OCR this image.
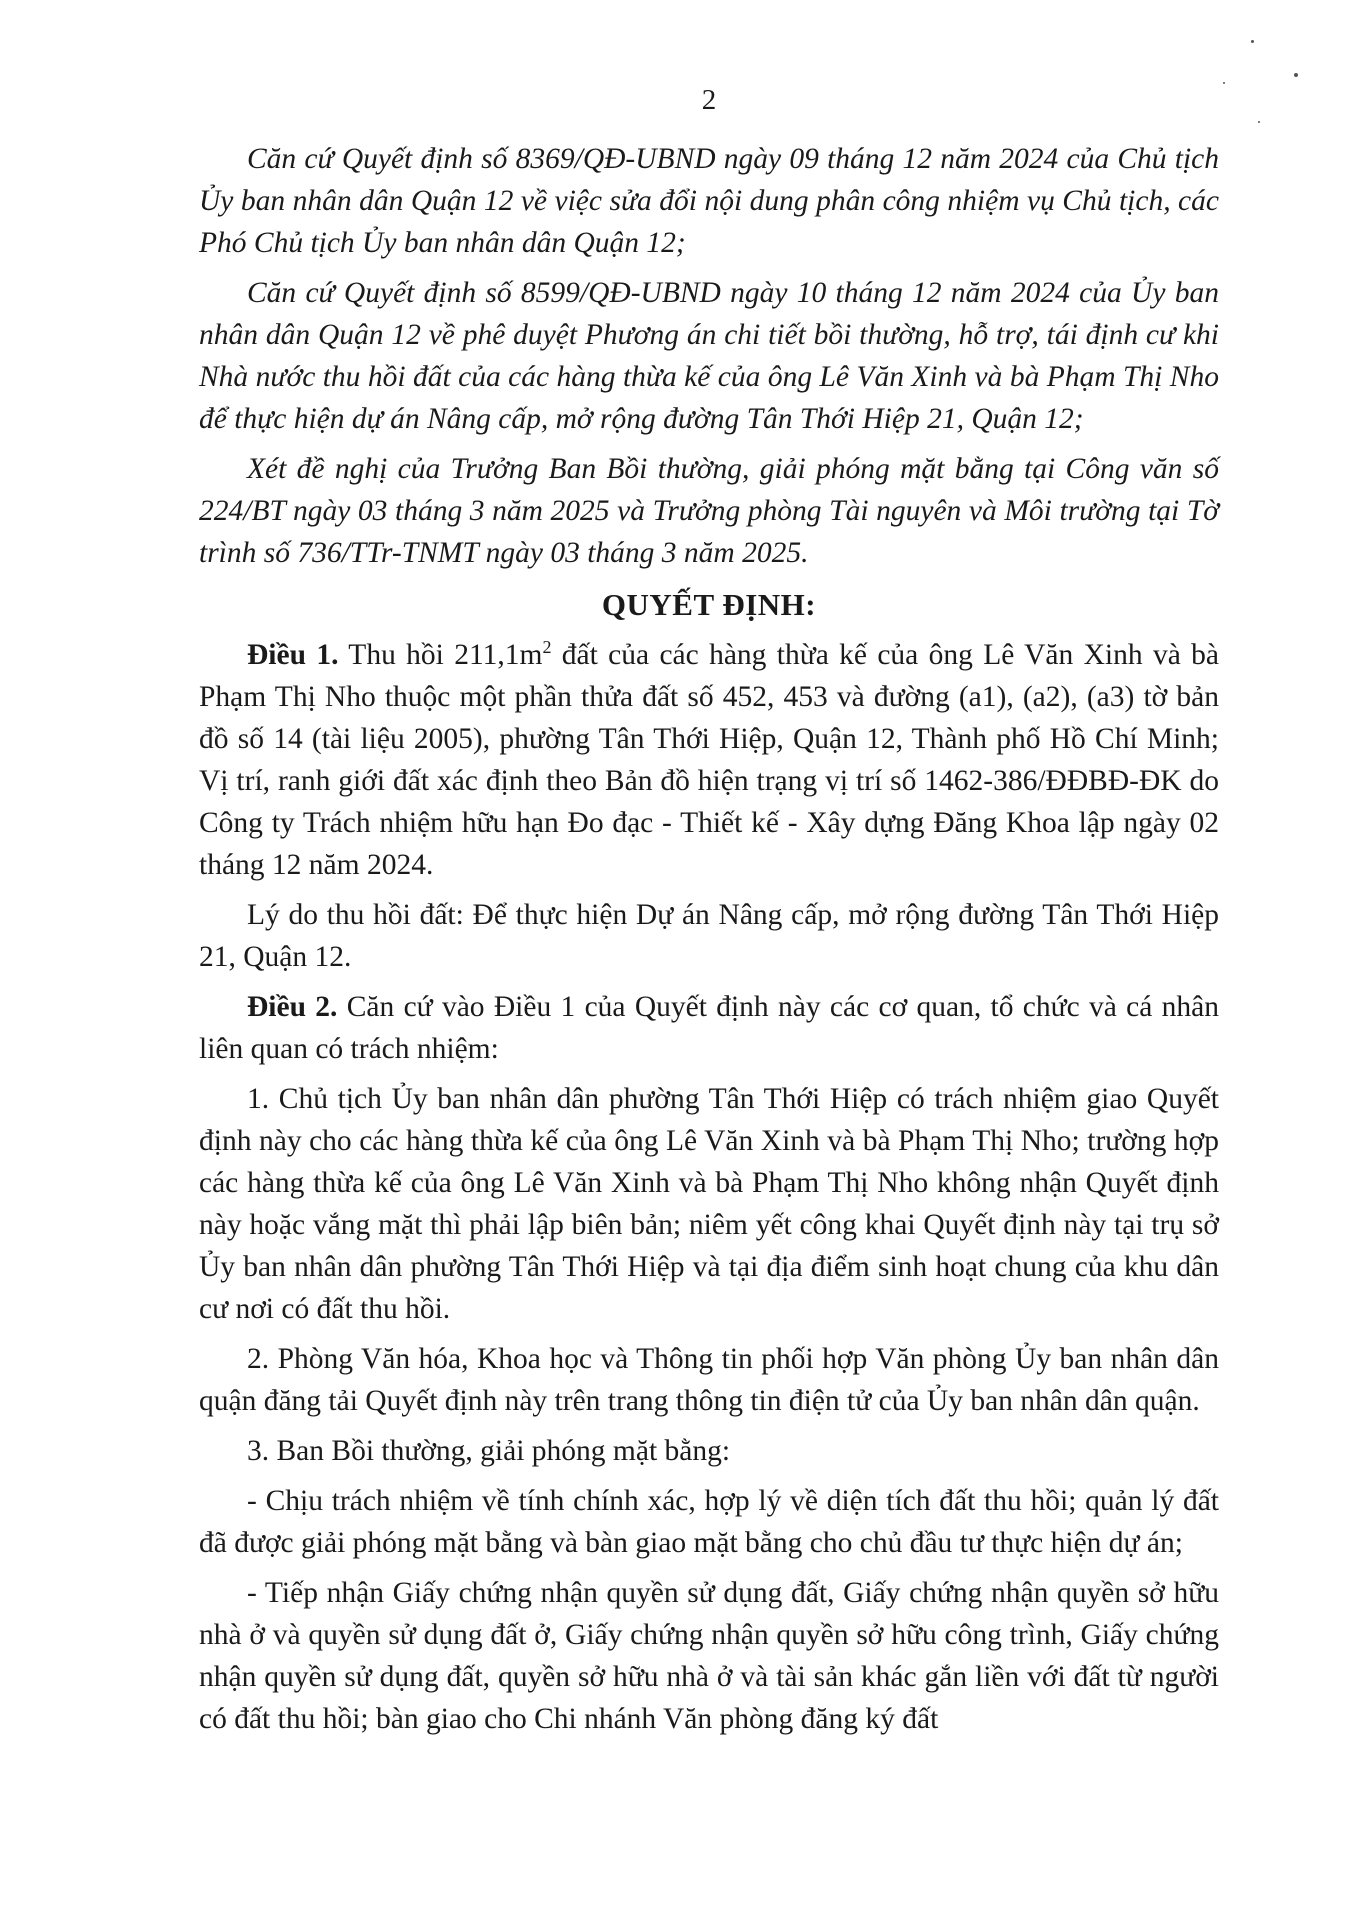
2

Căn cứ Quyết định số 8369/QĐ-UBND ngày 09 tháng 12 năm 2024 của Chủ tịch Ủy ban nhân dân Quận 12 về việc sửa đổi nội dung phân công nhiệm vụ Chủ tịch, các Phó Chủ tịch Ủy ban nhân dân Quận 12;

Căn cứ Quyết định số 8599/QĐ-UBND ngày 10 tháng 12 năm 2024 của Ủy ban nhân dân Quận 12 về phê duyệt Phương án chi tiết bồi thường, hỗ trợ, tái định cư khi Nhà nước thu hồi đất của các hàng thừa kế của ông Lê Văn Xinh và bà Phạm Thị Nho để thực hiện dự án Nâng cấp, mở rộng đường Tân Thới Hiệp 21, Quận 12;

Xét đề nghị của Trưởng Ban Bồi thường, giải phóng mặt bằng tại Công văn số 224/BT ngày 03 tháng 3 năm 2025 và Trưởng phòng Tài nguyên và Môi trường tại Tờ trình số 736/TTr-TNMT ngày 03 tháng 3 năm 2025.

QUYẾT ĐỊNH:

Điều 1. Thu hồi $211,1m^2$ đất của các hàng thừa kế của ông Lê Văn Xinh và bà Phạm Thị Nho thuộc một phần thửa đất số 452, 453 và đường (a1), (a2), (a3) tờ bản đồ số 14 (tài liệu 2005), phường Tân Thới Hiệp, Quận 12, Thành phố Hồ Chí Minh; Vị trí, ranh giới đất xác định theo Bản đồ hiện trạng vị trí số 1462-386/ĐĐBĐ-ĐK do Công ty Trách nhiệm hữu hạn Đo đạc - Thiết kế - Xây dựng Đăng Khoa lập ngày 02 tháng 12 năm 2024.

Lý do thu hồi đất: Để thực hiện Dự án Nâng cấp, mở rộng đường Tân Thới Hiệp 21, Quận 12.

Điều 2. Căn cứ vào Điều 1 của Quyết định này các cơ quan, tổ chức và cá nhân liên quan có trách nhiệm:

1. Chủ tịch Ủy ban nhân dân phường Tân Thới Hiệp có trách nhiệm giao Quyết định này cho các hàng thừa kế của ông Lê Văn Xinh và bà Phạm Thị Nho; trường hợp các hàng thừa kế của ông Lê Văn Xinh và bà Phạm Thị Nho không nhận Quyết định này hoặc vắng mặt thì phải lập biên bản; niêm yết công khai Quyết định này tại trụ sở Ủy ban nhân dân phường Tân Thới Hiệp và tại địa điểm sinh hoạt chung của khu dân cư nơi có đất thu hồi.

2. Phòng Văn hóa, Khoa học và Thông tin phối hợp Văn phòng Ủy ban nhân dân quận đăng tải Quyết định này trên trang thông tin điện tử của Ủy ban nhân dân quận.

3. Ban Bồi thường, giải phóng mặt bằng:

- Chịu trách nhiệm về tính chính xác, hợp lý về diện tích đất thu hồi; quản lý đất đã được giải phóng mặt bằng và bàn giao mặt bằng cho chủ đầu tư thực hiện dự án;

- Tiếp nhận Giấy chứng nhận quyền sử dụng đất, Giấy chứng nhận quyền sở hữu nhà ở và quyền sử dụng đất ở, Giấy chứng nhận quyền sở hữu công trình, Giấy chứng nhận quyền sử dụng đất, quyền sở hữu nhà ở và tài sản khác gắn liền với đất từ người có đất thu hồi; bàn giao cho Chi nhánh Văn phòng đăng ký đất
